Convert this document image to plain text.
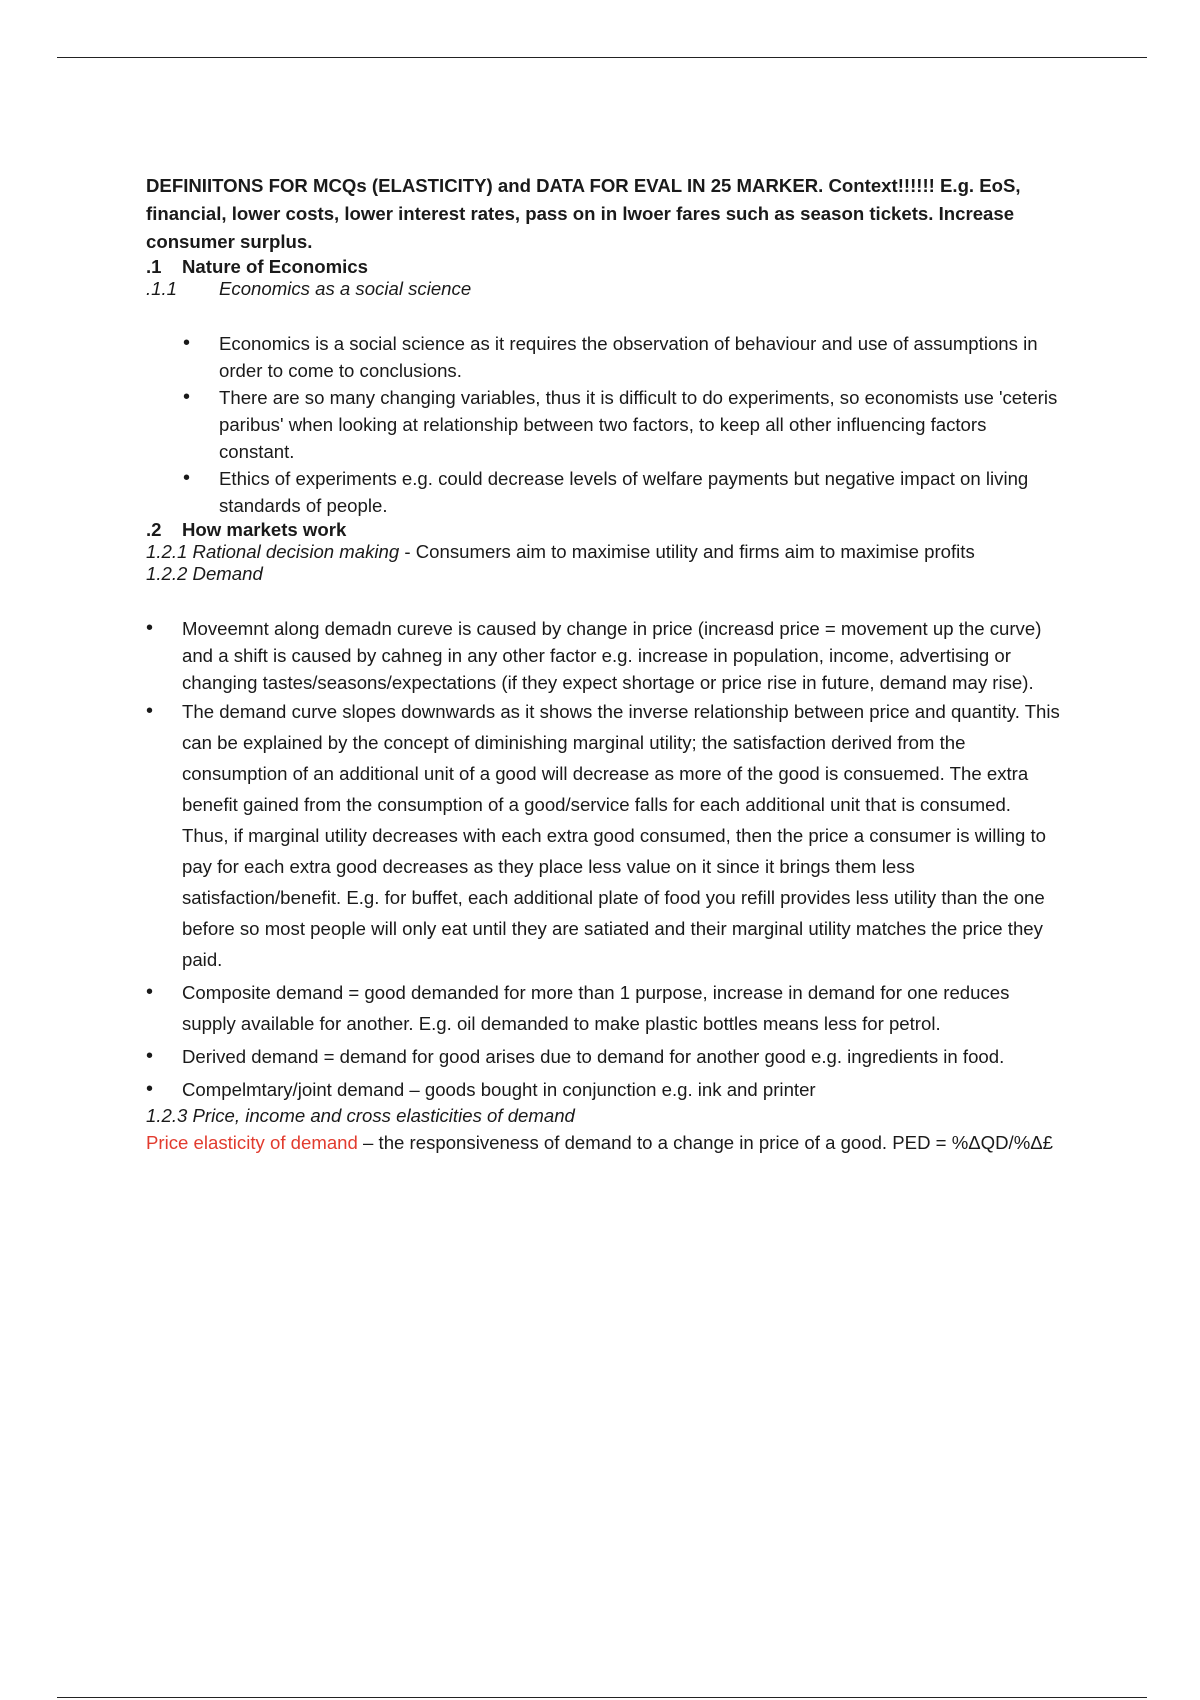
DEFINIITONS FOR MCQs (ELASTICITY) and DATA FOR EVAL IN 25 MARKER. Context!!!!!! E.g. EoS, financial, lower costs, lower interest rates, pass on in lwoer fares such as season tickets. Increase consumer surplus.

.1 Nature of Economics

.1.1 Economics as a social science

• Economics is a social science as it requires the observation of behaviour and use of assumptions in order to come to conclusions.
• There are so many changing variables, thus it is difficult to do experiments, so economists use 'ceteris paribus' when looking at relationship between two factors, to keep all other influencing factors constant.
• Ethics of experiments e.g. could decrease levels of welfare payments but negative impact on living standards of people.

.2 How markets work

1.2.1 Rational decision making - Consumers aim to maximise utility and firms aim to maximise profits

1.2.2 Demand

• Moveemnt along demadn cureve is caused by change in price (increasd price = movement up the curve) and a shift is caused by cahneg in any other factor e.g. increase in population, income, advertising or changing tastes/seasons/expectations (if they expect shortage or price rise in future, demand may rise).
• The demand curve slopes downwards as it shows the inverse relationship between price and quantity. This can be explained by the concept of diminishing marginal utility; the satisfaction derived from the consumption of an additional unit of a good will decrease as more of the good is consuemed. The extra benefit gained from the consumption of a good/service falls for each additional unit that is consumed. Thus, if marginal utility decreases with each extra good consumed, then the price a consumer is willing to pay for each extra good decreases as they place less value on it since it brings them less satisfaction/benefit. E.g. for buffet, each additional plate of food you refill provides less utility than the one before so most people will only eat until they are satiated and their marginal utility matches the price they paid.
• Composite demand = good demanded for more than 1 purpose, increase in demand for one reduces supply available for another. E.g. oil demanded to make plastic bottles means less for petrol.
• Derived demand = demand for good arises due to demand for another good e.g. ingredients in food.
• Compelmtary/joint demand – goods bought in conjunction e.g. ink and printer

1.2.3 Price, income and cross elasticities of demand

Price elasticity of demand – the responsiveness of demand to a change in price of a good. PED = %ΔQD/%Δ£
